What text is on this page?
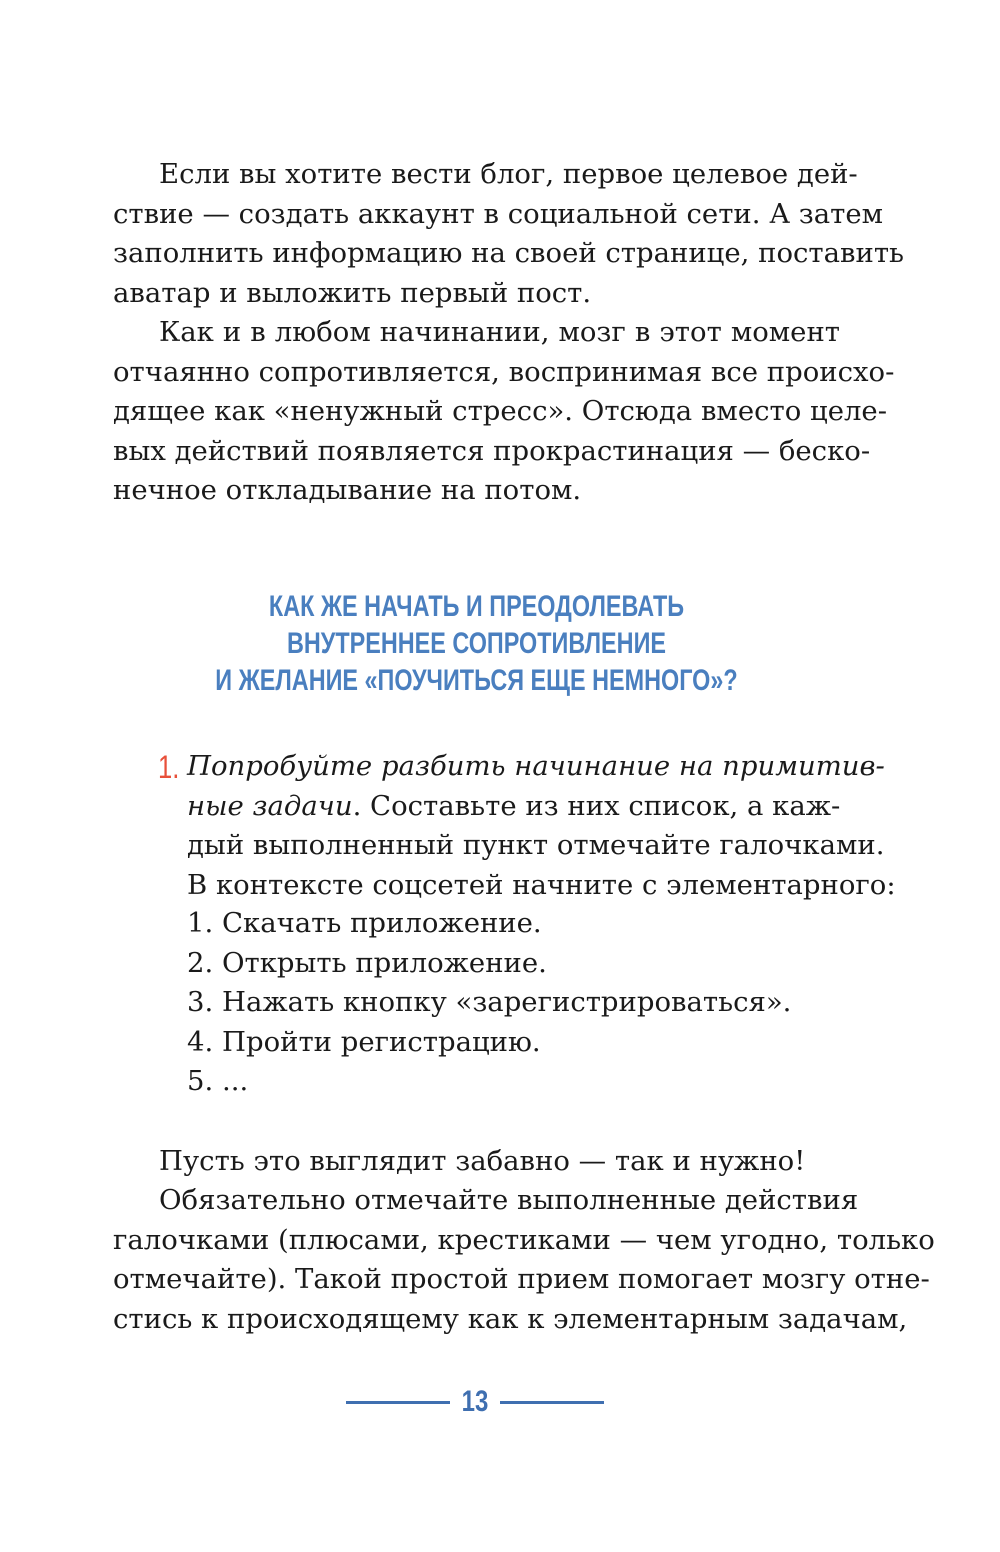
Если вы хотите вести блог, первое целевое дей-
ствие — создать аккаунт в социальной сети. А затем
заполнить информацию на своей странице, поставить
аватар и выложить первый пост.

Как и в любом начинании, мозг в этот момент
отчаянно сопротивляется, воспринимая все происхо-
дящее как «ненужный стресс». Отсюда вместо целе-
вых действий появляется прокрастинация — беско-
нечное откладывание на потом.

КАК ЖЕ НАЧАТЬ И ПРЕОДОЛЕВАТЬ
ВНУТРЕННЕЕ СОПРОТИВЛЕНИЕ
И ЖЕЛАНИЕ «ПОУЧИТЬСЯ ЕЩЕ НЕМНОГО»?
1. Попробуйте разбить начинание на примитив-
ные задачи. Составьте из них список, а каж-
дый выполненный пункт отмечайте галочками.
В контексте соцсетей начните с элементарного:

1. Скачать приложение.
2. Открыть приложение.
3. Нажать кнопку «зарегистрироваться».
4. Пройти регистрацию.
5. ...

Пусть это выглядит забавно — так и нужно!

Обязательно отмечайте выполненные действия
галочками (плюсами, крестиками — чем угодно, только
отмечайте). Такой простой прием помогает мозгу отне-
стись к происходящему как к элементарным задачам,

13
